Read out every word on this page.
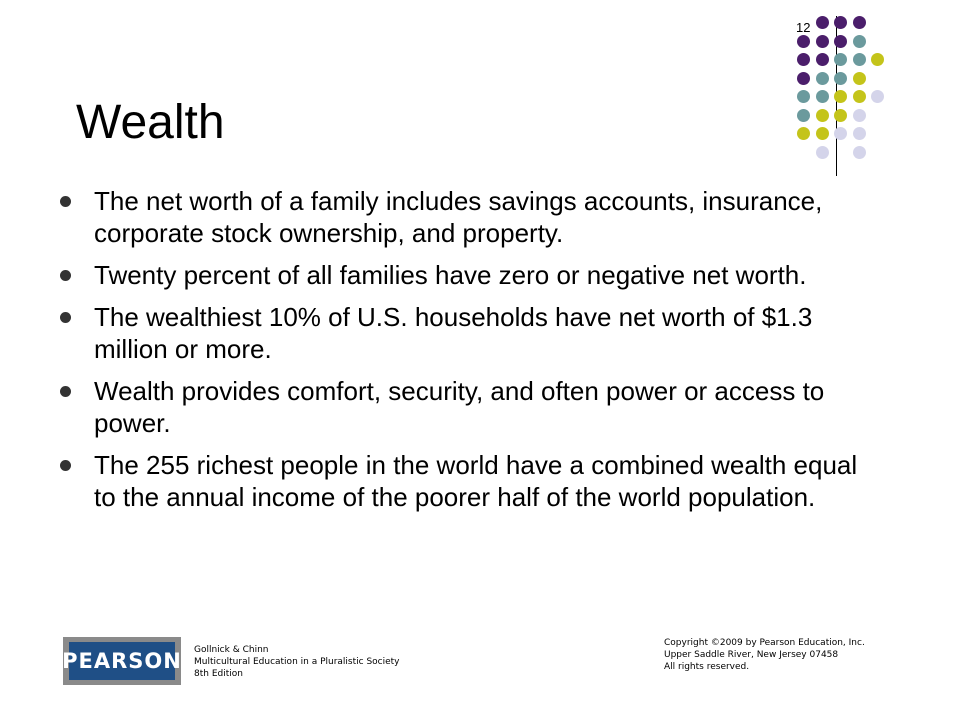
12
Wealth
The net worth of a family includes savings accounts, insurance, corporate stock ownership, and property.
Twenty percent of all families have zero or negative net worth.
The wealthiest 10% of U.S. households have net worth of $1.3 million or more.
Wealth provides comfort, security, and often power or access to power.
The 255 richest people in the world have a combined wealth equal to the annual income of the poorer half of the world population.
PEARSON Gollnick & Chinn
Multicultural Education in a Pluralistic Society
8th Edition
Copyright ©2009 by Pearson Education, Inc.
Upper Saddle River, New Jersey 07458
All rights reserved.
